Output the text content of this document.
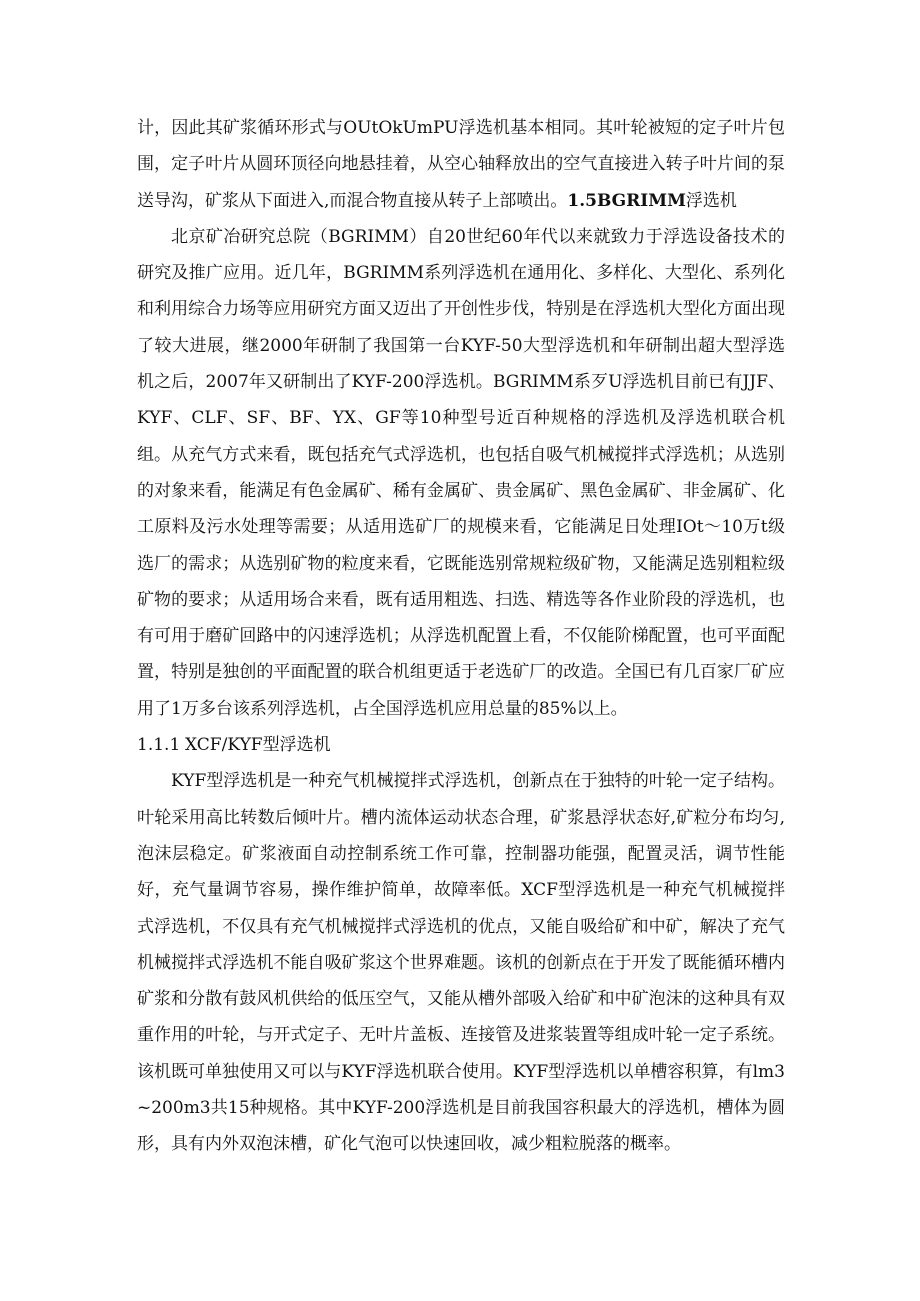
计，因此其矿浆循环形式与OUtOkUmPU浮选机基本相同。其叶轮被短的定子叶片包围，定子叶片从圆环顶径向地悬挂着，从空心轴释放出的空气直接进入转子叶片间的泵送导沟，矿浆从下面进入,而混合物直接从转子上部喷出。1.5BGRIMM浮选机

北京矿冶研究总院（BGRIMM）自20世纪60年代以来就致力于浮选设备技术的研究及推广应用。近几年，BGRIMM系列浮选机在通用化、多样化、大型化、系列化和利用综合力场等应用研究方面又迈出了开创性步伐，特别是在浮选机大型化方面出现了较大进展，继2000年研制了我国第一台KYF-50大型浮选机和年研制出超大型浮选机之后，2007年又研制出了KYF-200浮选机。BGRIMM系歹U浮选机目前已有JJF、KYF、CLF、SF、BF、YX、GF等10种型号近百种规格的浮选机及浮选机联合机组。从充气方式来看，既包括充气式浮选机，也包括自吸气机械搅拌式浮选机；从选别的对象来看，能满足有色金属矿、稀有金属矿、贵金属矿、黑色金属矿、非金属矿、化工原料及污水处理等需要；从适用选矿厂的规模来看，它能满足日处理IOt～10万t级选厂的需求；从选别矿物的粒度来看，它既能选别常规粒级矿物，又能满足选别粗粒级矿物的要求；从适用场合来看，既有适用粗选、扫选、精选等各作业阶段的浮选机，也有可用于磨矿回路中的闪速浮选机；从浮选机配置上看，不仅能阶梯配置，也可平面配置，特别是独创的平面配置的联合机组更适于老选矿厂的改造。全国已有几百家厂矿应用了1万多台该系列浮选机，占全国浮选机应用总量的85%以上。

1.1.1 XCF/KYF型浮选机

KYF型浮选机是一种充气机械搅拌式浮选机，创新点在于独特的叶轮一定子结构。叶轮采用高比转数后倾叶片。槽内流体运动状态合理，矿浆悬浮状态好,矿粒分布均匀,泡沫层稳定。矿浆液面自动控制系统工作可靠，控制器功能强，配置灵活，调节性能好，充气量调节容易，操作维护简单，故障率低。XCF型浮选机是一种充气机械搅拌式浮选机，不仅具有充气机械搅拌式浮选机的优点，又能自吸给矿和中矿，解决了充气机械搅拌式浮选机不能自吸矿浆这个世界难题。该机的创新点在于开发了既能循环槽内矿浆和分散有鼓风机供给的低压空气，又能从槽外部吸入给矿和中矿泡沫的这种具有双重作用的叶轮，与开式定子、无叶片盖板、连接管及进浆装置等组成叶轮一定子系统。该机既可单独使用又可以与KYF浮选机联合使用。KYF型浮选机以单槽容积算，有lm3~200m3共15种规格。其中KYF-200浮选机是目前我国容积最大的浮选机，槽体为圆形，具有内外双泡沫槽，矿化气泡可以快速回收，减少粗粒脱落的概率。
